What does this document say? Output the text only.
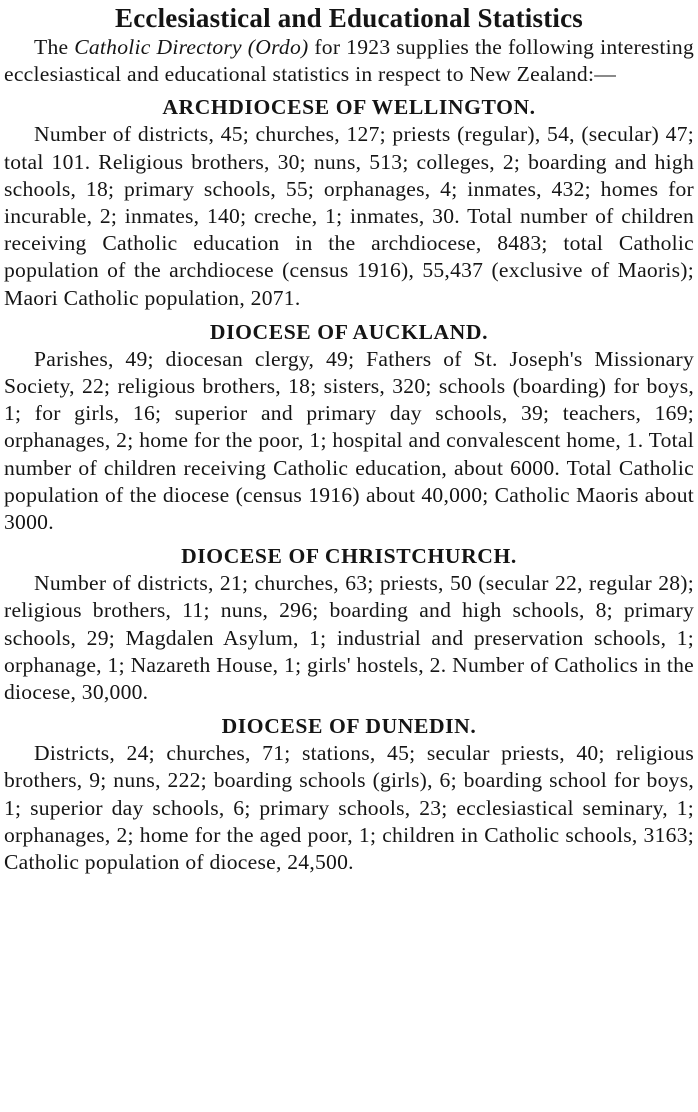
Ecclesiastical and Educational Statistics

The Catholic Directory (Ordo) for 1923 supplies the following interesting ecclesiastical and educational statistics in respect to New Zealand:—

ARCHDIOCESE OF WELLINGTON.

Number of districts, 45; churches, 127; priests (regular), 54, (secular) 47; total 101. Religious brothers, 30; nuns, 513; colleges, 2; boarding and high schools, 18; primary schools, 55; orphanages, 4; inmates, 432; homes for incurable, 2; inmates, 140; creche, 1; inmates, 30. Total number of children receiving Catholic education in the archdiocese, 8483; total Catholic population of the archdiocese (census 1916), 55,437 (exclusive of Maoris); Maori Catholic population, 2071.

DIOCESE OF AUCKLAND.

Parishes, 49; diocesan clergy, 49; Fathers of St. Joseph's Missionary Society, 22; religious brothers, 18; sisters, 320; schools (boarding) for boys, 1; for girls, 16; superior and primary day schools, 39; teachers, 169; orphanages, 2; home for the poor, 1; hospital and convalescent home, 1. Total number of children receiving Catholic education, about 6000. Total Catholic population of the diocese (census 1916) about 40,000; Catholic Maoris about 3000.

DIOCESE OF CHRISTCHURCH.

Number of districts, 21; churches, 63; priests, 50 (secular 22, regular 28); religious brothers, 11; nuns, 296; boarding and high schools, 8; primary schools, 29; Magdalen Asylum, 1; industrial and preservation schools, 1; orphanage, 1; Nazareth House, 1; girls' hostels, 2. Number of Catholics in the diocese, 30,000.

DIOCESE OF DUNEDIN.

Districts, 24; churches, 71; stations, 45; secular priests, 40; religious brothers, 9; nuns, 222; boarding schools (girls), 6; boarding school for boys, 1; superior day schools, 6; primary schools, 23; ecclesiastical seminary, 1; orphanages, 2; home for the aged poor, 1; children in Catholic schools, 3163; Catholic population of diocese, 24,500.
